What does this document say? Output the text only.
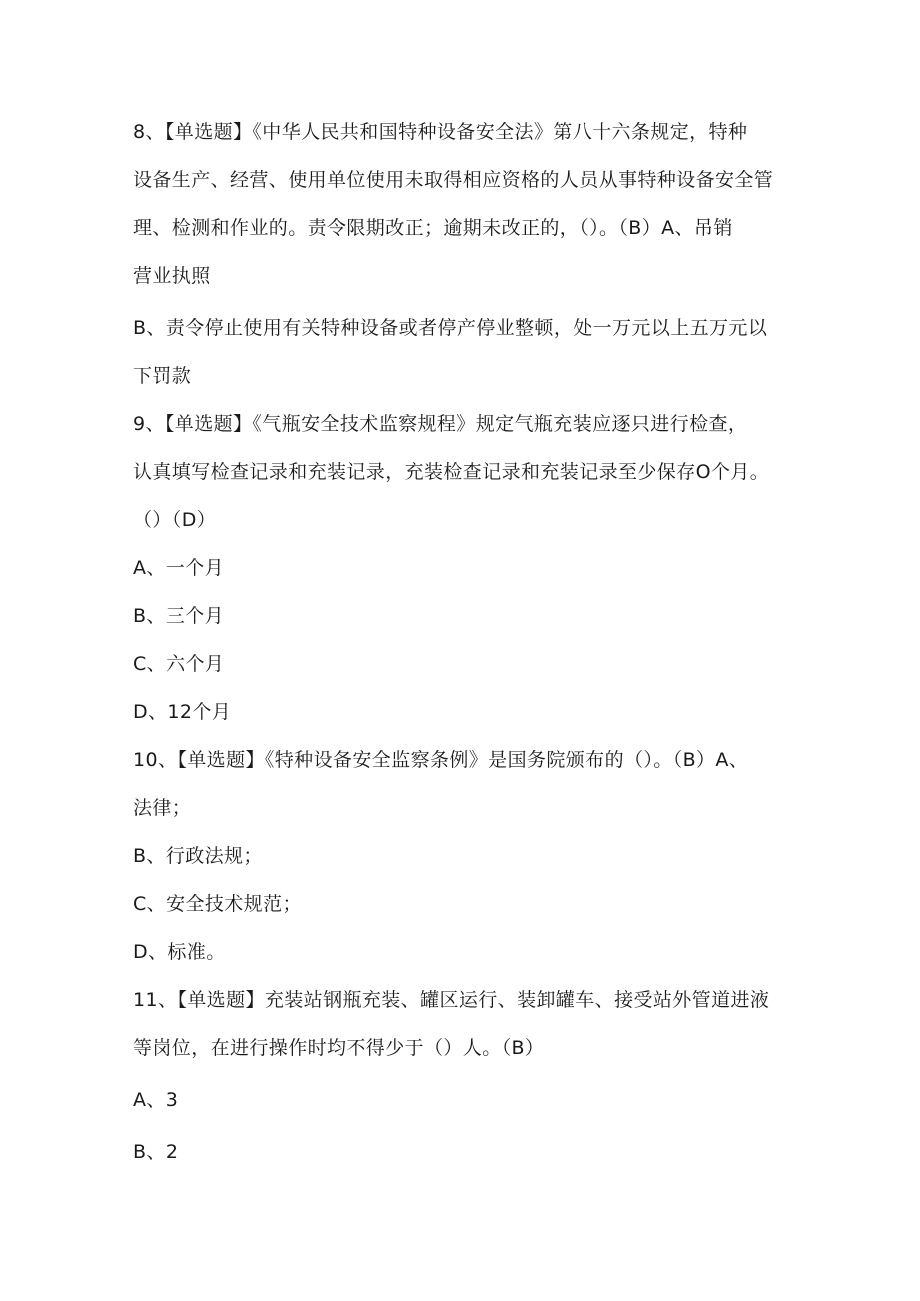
8、【单选题】《中华人民共和国特种设备安全法》第八十六条规定，特种
设备生产、经营、使用单位使用未取得相应资格的人员从事特种设备安全管
理、检测和作业的。责令限期改正；逾期未改正的，（）。（B）A、吊销
营业执照
B、责令停止使用有关特种设备或者停产停业整顿，处一万元以上五万元以
下罚款
9、【单选题】《气瓶安全技术监察规程》规定气瓶充装应逐只进行检查，
认真填写检查记录和充装记录，充装检查记录和充装记录至少保存O个月。
（）（D）
A、一个月
B、三个月
C、六个月
D、12个月
10、【单选题】《特种设备安全监察条例》是国务院颁布的（）。（B）A、
法律；
B、行政法规；
C、安全技术规范；
D、标准。
11、【单选题】充装站钢瓶充装、罐区运行、装卸罐车、接受站外管道进液
等岗位，在进行操作时均不得少于（）人。（B）
A、3
B、2
